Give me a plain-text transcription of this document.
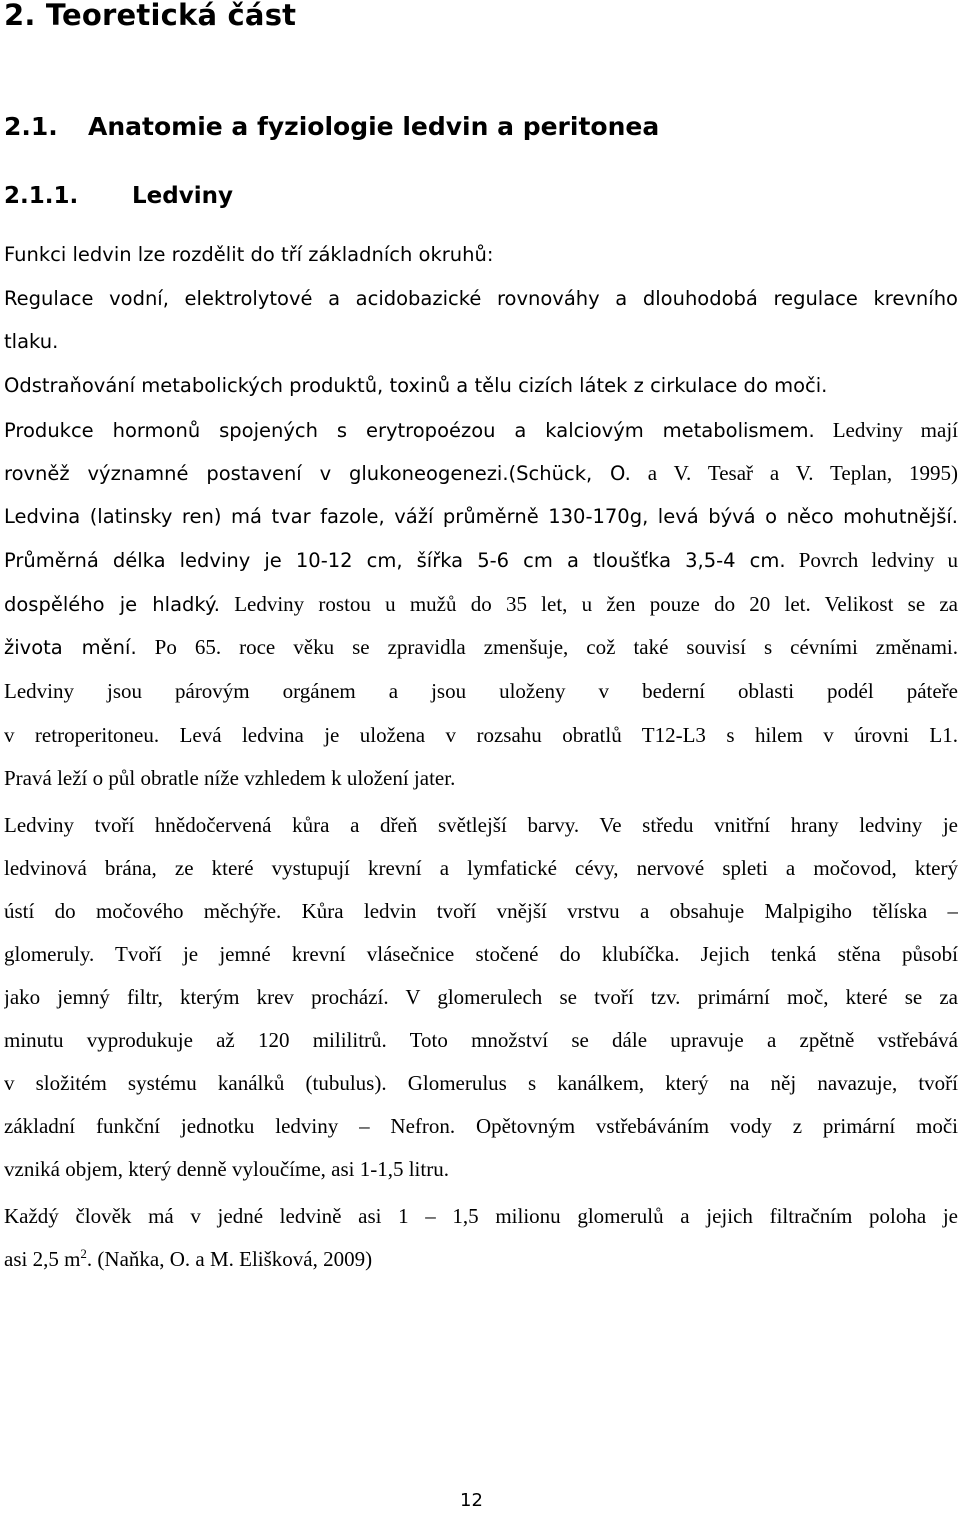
2. Teoretická část
2.1. Anatomie a fyziologie ledvin a peritonea
2.1.1. Ledviny
Funkci ledvin lze rozdělit do tří základních okruhů:
Regulace vodní, elektrolytové a acidobazické rovnováhy a dlouhodobá regulace krevního
tlaku.
Odstraňování metabolických produktů, toxinů a tělu cizích látek z cirkulace do moči.
Produkce hormonů spojených s erytropoézou a kalciovým metabolismem. Ledviny mají
rovněž významné postavení v glukoneogenezi.(Schück, O. a V. Tesař a V. Teplan, 1995)
Ledvina (latinsky ren) má tvar fazole, váží průměrně 130-170g, levá bývá o něco mohutnější.
Průměrná délka ledviny je 10-12 cm, šířka 5-6 cm a tloušťka 3,5-4 cm. Povrch ledviny u
dospělého je hladký. Ledviny rostou u mužů do 35 let, u žen pouze do 20 let. Velikost se za
života mění. Po 65. roce věku se zpravidla zmenšuje, což také souvisí s cévními změnami.
Ledviny jsou párovým orgánem a jsou uloženy v bederní oblasti podél páteře
v retroperitoneu. Levá ledvina je uložena v rozsahu obratlů T12-L3 s hilem v úrovni L1.
Pravá leží o půl obratle níže vzhledem k uložení jater.
Ledviny tvoří hnědočervená kůra a dřeň světlejší barvy. Ve středu vnitřní hrany ledviny je
ledvinová brána, ze které vystupují krevní a lymfatické cévy, nervové spleti a močovod, který
ústí do močového měchýře. Kůra ledvin tvoří vnější vrstvu a obsahuje Malpigiho tělíska –
glomeruly. Tvoří je jemné krevní vlásečnice stočené do klubíčka. Jejich tenká stěna působí
jako jemný filtr, kterým krev prochází. V glomerulech se tvoří tzv. primární moč, které se za
minutu vyprodukuje až 120 mililitrů. Toto množství se dále upravuje a zpětně vstřebává
v složitém systému kanálků (tubulus). Glomerulus s kanálkem, který na něj navazuje, tvoří
základní funkční jednotku ledviny – Nefron. Opětovným vstřebáváním vody z primární moči
vzniká objem, který denně vyloučíme, asi 1-1,5 litru.
Každý člověk má v jedné ledvině asi 1 – 1,5 milionu glomerulů a jejich filtračním poloha je
asi 2,5 $m^2$. (Naňka, O. a M. Elišková, 2009)
12
